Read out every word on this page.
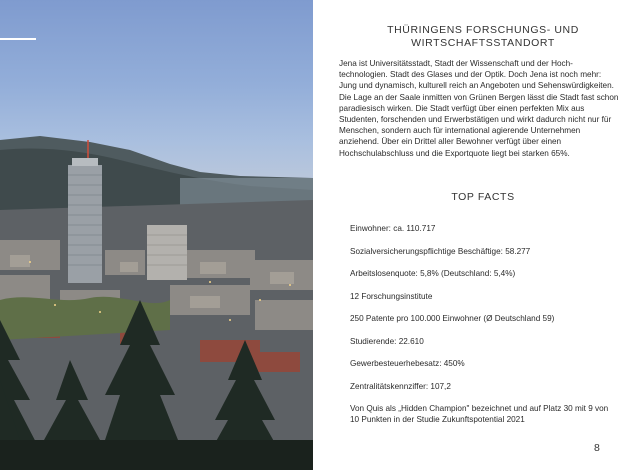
THÜRINGENS FORSCHUNGS- UND
WIRTSCHAFTSSTANDORT

Jena ist Universitätsstadt, Stadt der Wissenschaft und der Hoch-technologien. Stadt des Glases und der Optik. Doch Jena ist noch mehr: Jung und dynamisch, kulturell reich an Angeboten und Sehenswürdigkeiten. Die Lage an der Saale inmitten von Grünen Bergen lässt die Stadt fast schon paradiesisch wirken. Die Stadt verfügt über einen perfekten Mix aus Studenten, forschenden und Erwerbstätigen und wirkt dadurch nicht nur für Menschen, sondern auch für international agierende Unternehmen anziehend. Über ein Drittel aller Bewohner verfügt über einen Hochschulabschluss und die Exportquote liegt bei starken 65%.

TOP FACTS
Einwohner: ca. 110.717
Sozialversicherungspflichtige Beschäftige: 58.277
Arbeitslosenquote: 5,8% (Deutschland: 5,4%)
12 Forschungsinstitute
250 Patente pro 100.000 Einwohner (Ø Deutschland 59)
Studierende: 22.610
Gewerbesteuerhebesatz: 450%
Zentralitätskennziffer: 107,2
Von Quis als „Hidden Champion" bezeichnet und auf Platz 30 mit 9 von 10 Punkten in der Studie Zukunftspotential 2021
8
